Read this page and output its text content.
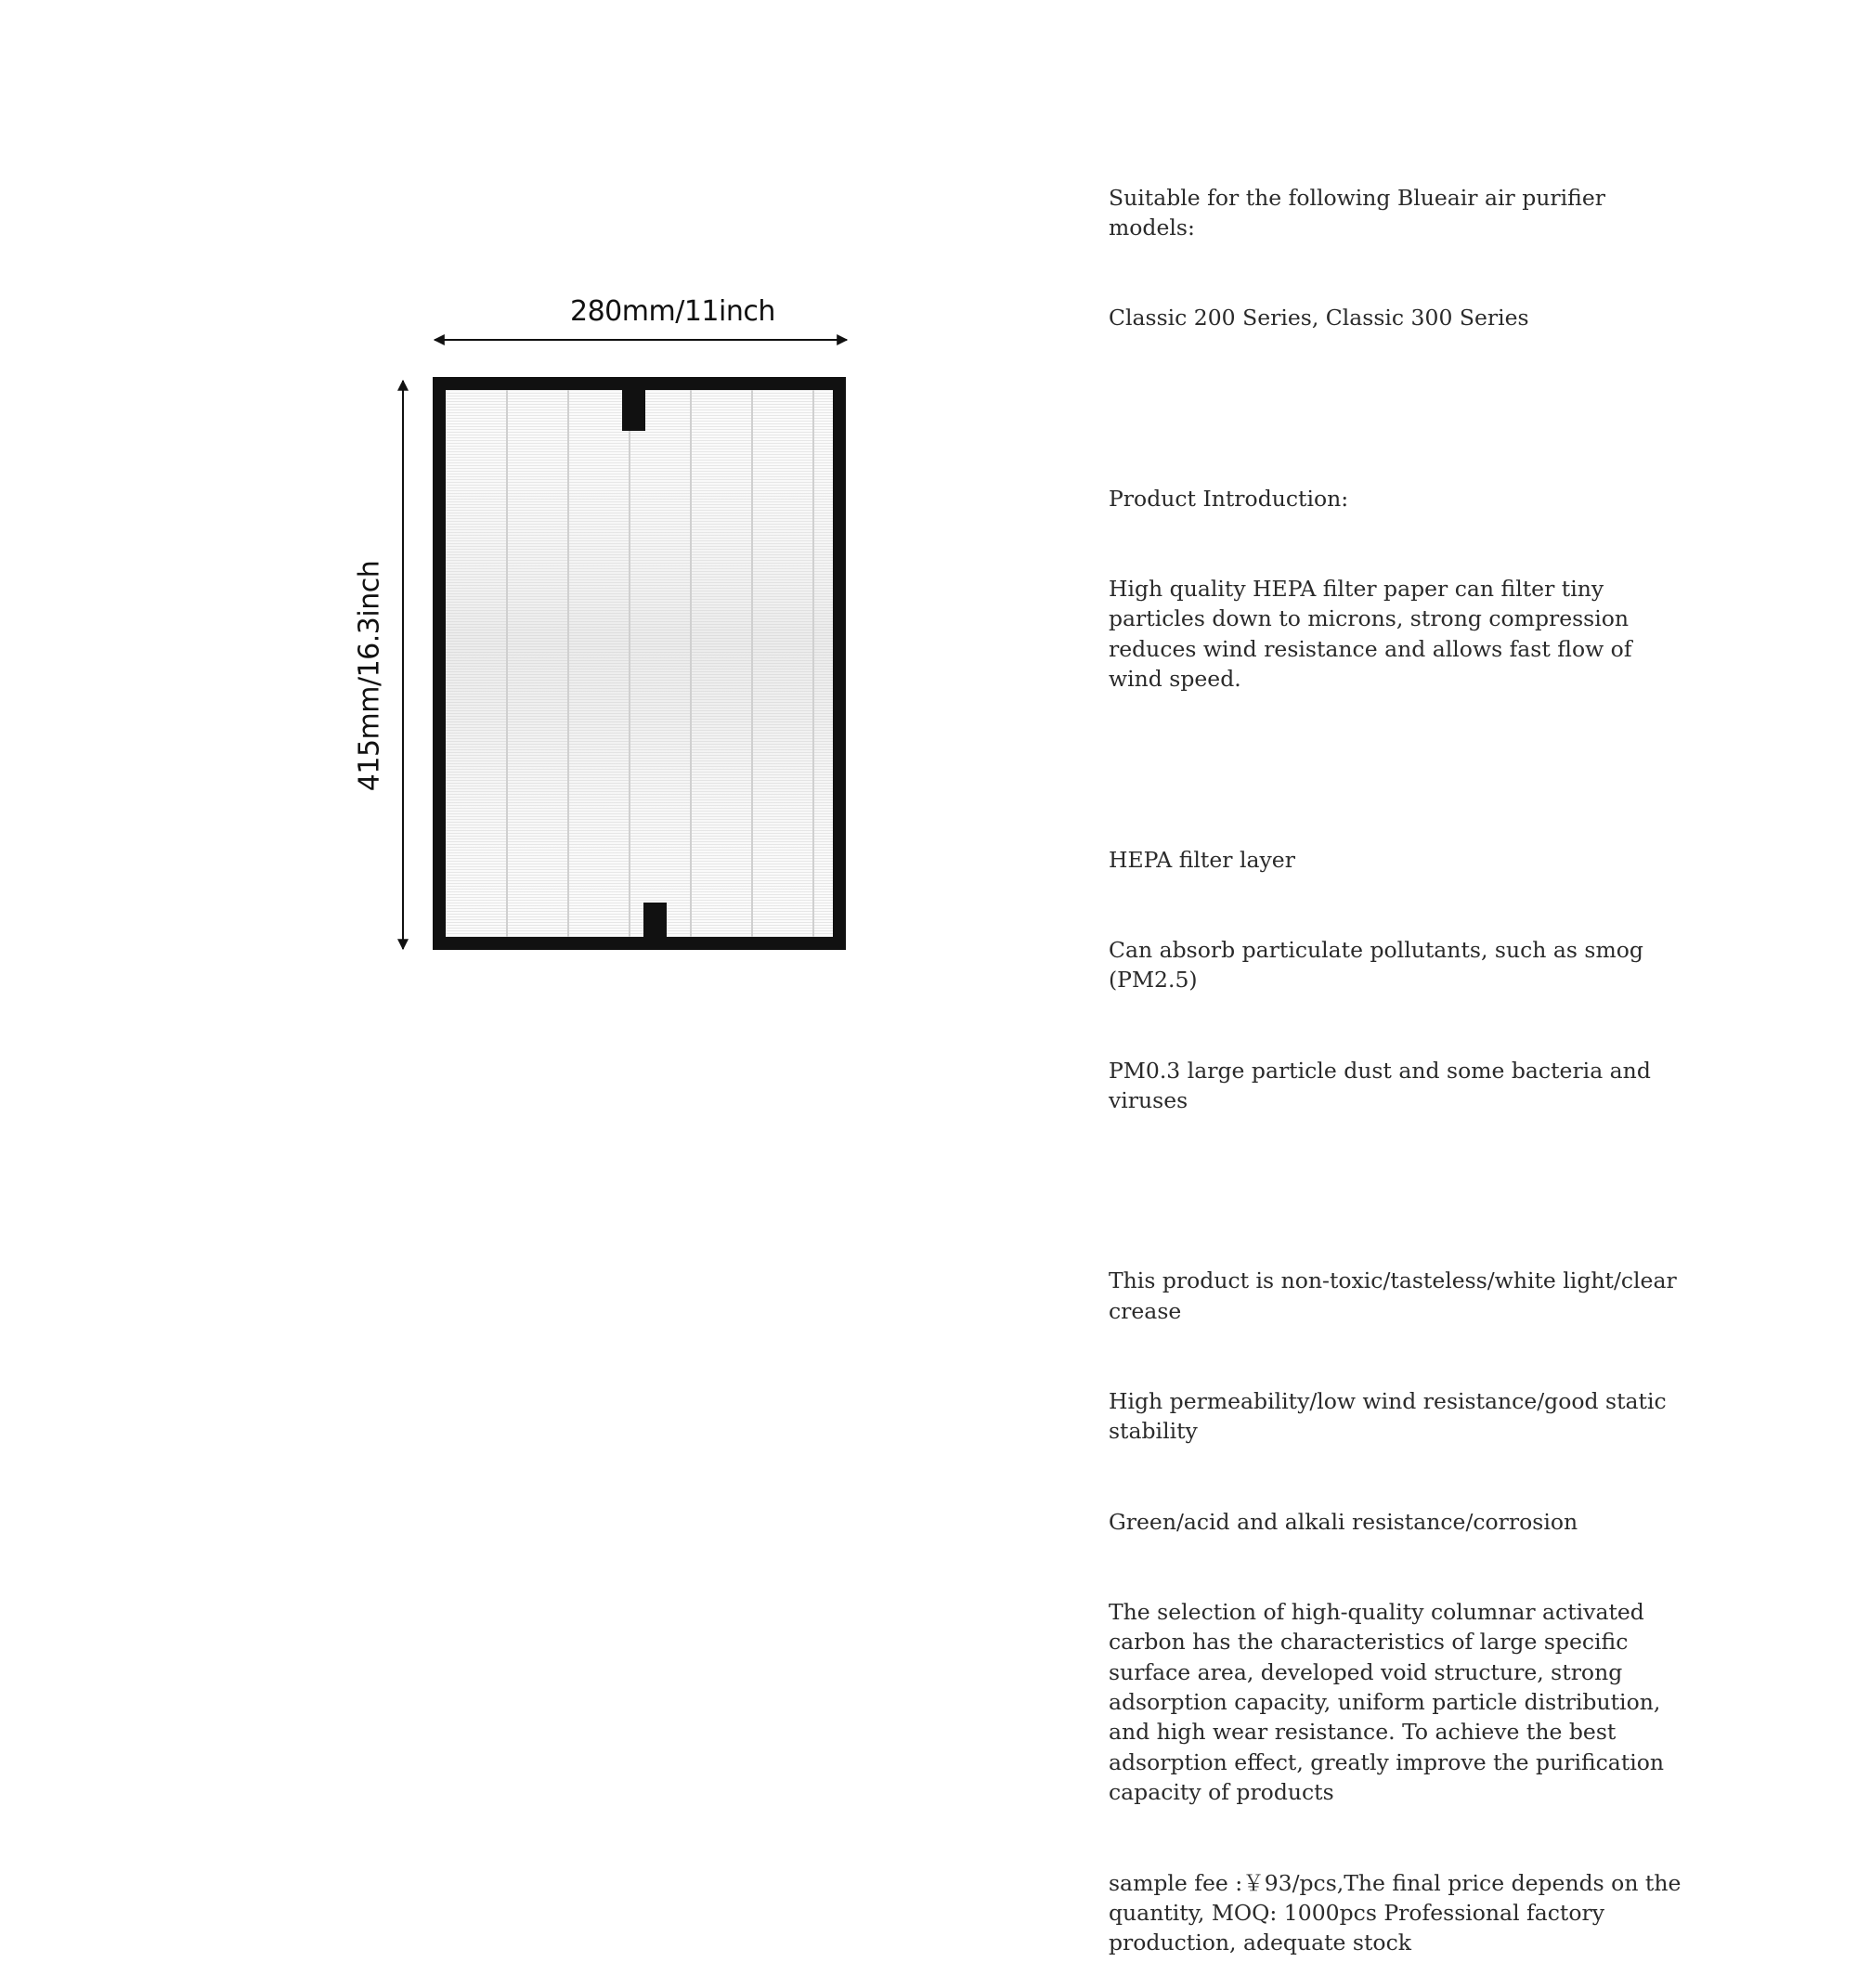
280mm/11inch
415mm/16.3inch

Suitable for the following Blueair air purifier models:

Classic 200 Series, Classic 300 Series

Product Introduction:

High quality HEPA filter paper can filter tiny particles down to microns, strong compression reduces wind resistance and allows fast flow of wind speed.

HEPA filter layer

Can absorb particulate pollutants, such as smog (PM2.5)

PM0.3 large particle dust and some bacteria and viruses

This product is non-toxic/tasteless/white light/clear crease

High permeability/low wind resistance/good static stability

Green/acid and alkali resistance/corrosion

The selection of high-quality columnar activated carbon has the characteristics of large specific surface area, developed void structure, strong adsorption capacity, uniform particle distribution, and high wear resistance. To achieve the best adsorption effect, greatly improve the purification capacity of products

sample fee :￥93/pcs,The final price depends on the quantity, MOQ: 1000pcs Professional factory production, adequate stock
